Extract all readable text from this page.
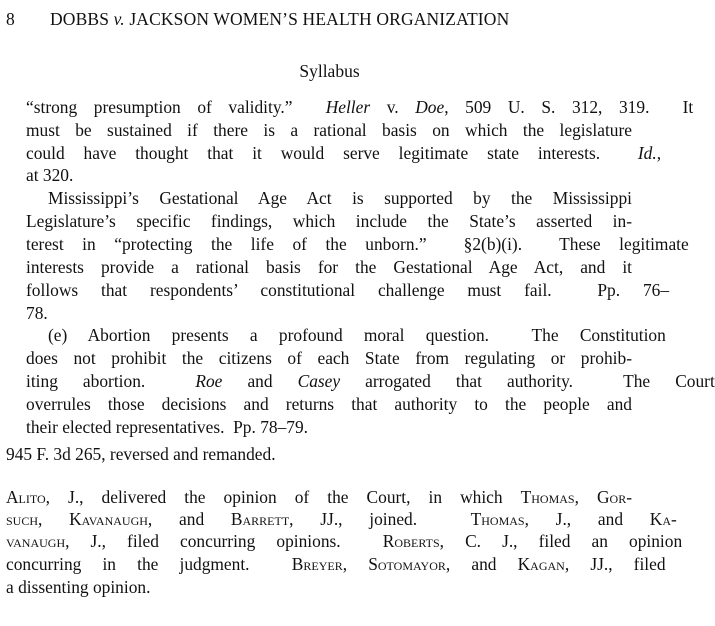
8 DOBBS v. JACKSON WOMEN’S HEALTH ORGANIZATION
Syllabus
“strong presumption of validity.”  Heller v. Doe, 509 U. S. 312, 319.  It
must be sustained if there is a rational basis on which the legislature
could have thought that it would serve legitimate state interests.  Id.,
at 320.
Mississippi’s Gestational Age Act is supported by the Mississippi
Legislature’s specific findings, which include the State’s asserted in-
terest in “protecting the life of the unborn.”  §2(b)(i).  These legitimate
interests provide a rational basis for the Gestational Age Act, and it
follows that respondents’ constitutional challenge must fail.  Pp. 76–
78.
(e) Abortion presents a profound moral question.  The Constitution
does not prohibit the citizens of each State from regulating or prohib-
iting abortion.  Roe and Casey arrogated that authority.  The Court
overrules those decisions and returns that authority to the people and
their elected representatives.  Pp. 78–79.
945 F. 3d 265, reversed and remanded.
Alito, J., delivered the opinion of the Court, in which Thomas, Gor-
such, Kavanaugh, and Barrett, JJ., joined.  Thomas, J., and Ka-
vanaugh, J., filed concurring opinions.  Roberts, C. J., filed an opinion
concurring in the judgment.  Breyer, Sotomayor, and Kagan, JJ., filed
a dissenting opinion.
